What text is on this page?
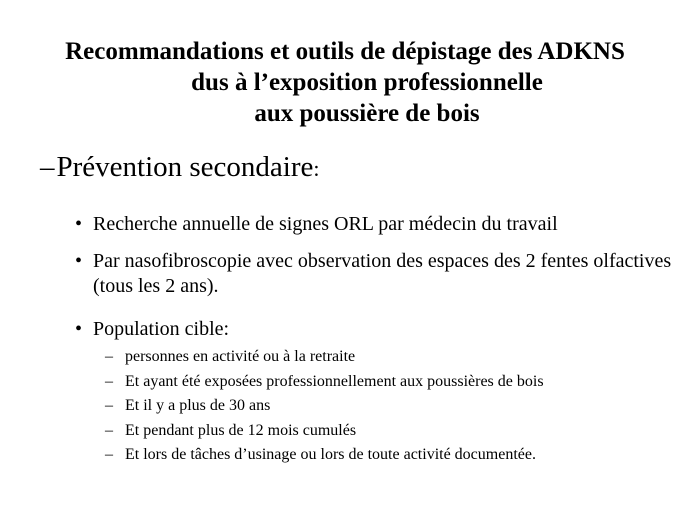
Recommandations et outils de dépistage des ADKNS
dus à l’exposition professionnelle
aux poussière de bois
–Prévention secondaire:
• Recherche annuelle de signes ORL par médecin du travail
• Par nasofibroscopie avec observation des espaces des 2 fentes olfactives (tous les 2 ans).
• Population cible:
– personnes en activité ou à la retraite
– Et ayant été exposées professionnellement aux poussières de bois
– Et il y a plus de 30 ans
– Et pendant plus de 12 mois cumulés
– Et lors de tâches d’usinage ou lors de toute activité documentée.
